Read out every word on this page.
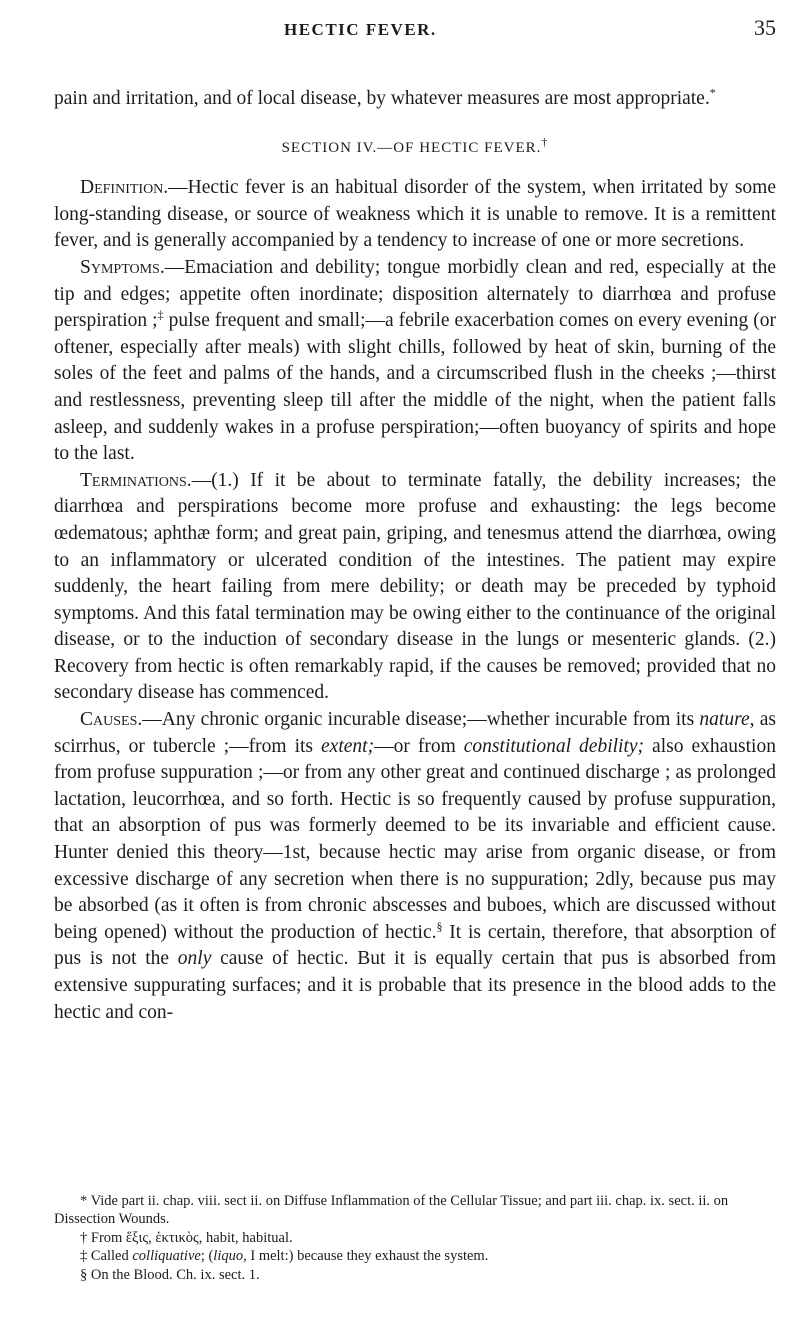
HECTIC FEVER.	35

pain and irritation, and of local disease, by whatever measures are most appropriate.*

SECTION IV.—OF HECTIC FEVER.†

Definition.—Hectic fever is an habitual disorder of the system, when irritated by some long-standing disease, or source of weakness which it is unable to remove. It is a remittent fever, and is generally accompanied by a tendency to increase of one or more secretions.

Symptoms.—Emaciation and debility; tongue morbidly clean and red, especially at the tip and edges; appetite often inordinate; disposition alternately to diarrhœa and profuse perspiration ;‡ pulse frequent and small;—a febrile exacerbation comes on every evening (or oftener, especially after meals) with slight chills, followed by heat of skin, burning of the soles of the feet and palms of the hands, and a circumscribed flush in the cheeks ;—thirst and restlessness, preventing sleep till after the middle of the night, when the patient falls asleep, and suddenly wakes in a profuse perspiration;—often buoyancy of spirits and hope to the last.

Terminations.—(1.) If it be about to terminate fatally, the debility increases; the diarrhœa and perspirations become more profuse and exhausting: the legs become œdematous; aphthæ form; and great pain, griping, and tenesmus attend the diarrhœa, owing to an inflammatory or ulcerated condition of the intestines. The patient may expire suddenly, the heart failing from mere debility; or death may be preceded by typhoid symptoms. And this fatal termination may be owing either to the continuance of the original disease, or to the induction of secondary disease in the lungs or mesenteric glands. (2.) Recovery from hectic is often remarkably rapid, if the causes be removed; provided that no secondary disease has commenced.

Causes.—Any chronic organic incurable disease;—whether incurable from its nature, as scirrhus, or tubercle ;—from its extent;—or from constitutional debility; also exhaustion from profuse suppuration ;—or from any other great and continued discharge ; as prolonged lactation, leucorrhœa, and so forth. Hectic is so frequently caused by profuse suppuration, that an absorption of pus was formerly deemed to be its invariable and efficient cause. Hunter denied this theory—1st, because hectic may arise from organic disease, or from excessive discharge of any secretion when there is no suppuration; 2dly, because pus may be absorbed (as it often is from chronic abscesses and buboes, which are discussed without being opened) without the production of hectic.§ It is certain, therefore, that absorption of pus is not the only cause of hectic. But it is equally certain that pus is absorbed from extensive suppurating surfaces; and it is probable that its presence in the blood adds to the hectic and con-

* Vide part ii. chap. viii. sect ii. on Diffuse Inflammation of the Cellular Tissue; and part iii. chap. ix. sect. ii. on Dissection Wounds.

† From ἕξις, ἑκτικὸς, habit, habitual.

‡ Called colliquative; (liquo, I melt:) because they exhaust the system.

§ On the Blood. Ch. ix. sect. 1.
